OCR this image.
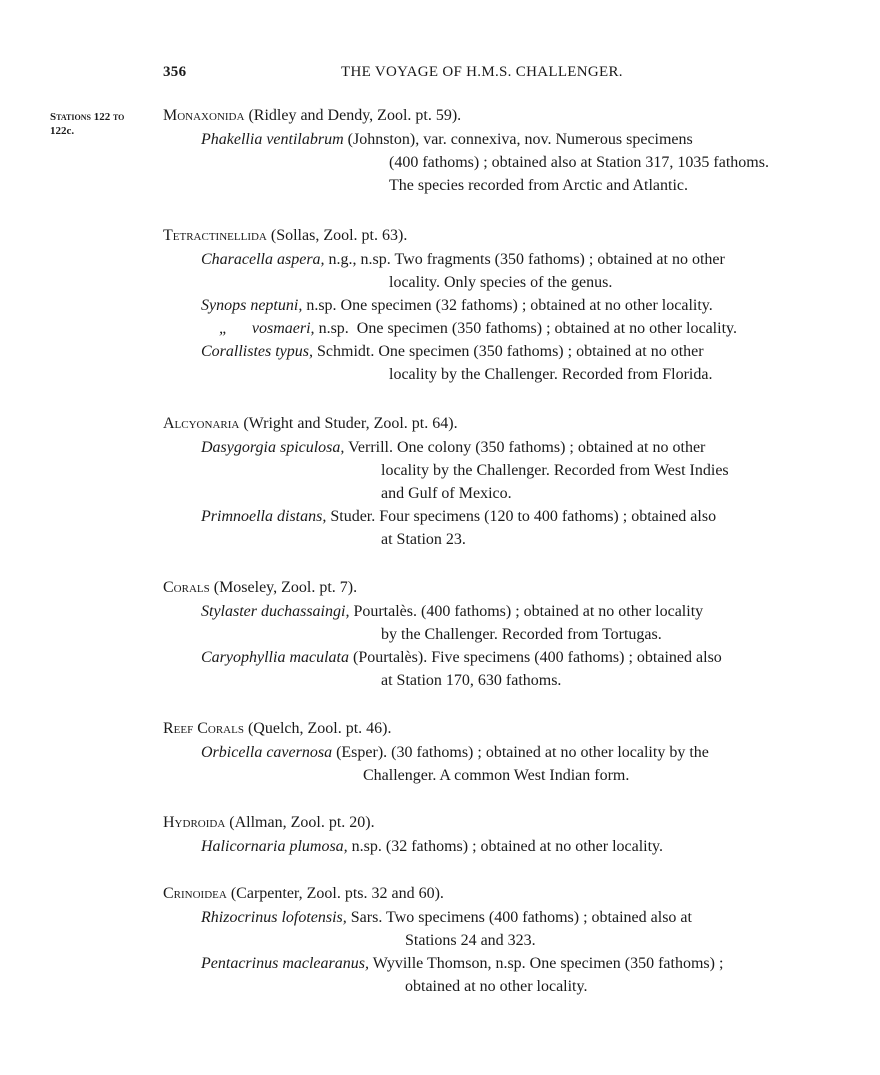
356	THE VOYAGE OF H.M.S. CHALLENGER.
Stations 122 to
122c.
Monaxonida (Ridley and Dendy, Zool. pt. 59).
Phakellia ventilabrum (Johnston), var. connexiva, nov. Numerous specimens
(400 fathoms) ; obtained also at Station 317, 1035 fathoms.
The species recorded from Arctic and Atlantic.
Tetractinellida (Sollas, Zool. pt. 63).
Characella aspera, n.g., n.sp. Two fragments (350 fathoms) ; obtained at no other
locality. Only species of the genus.
Synops neptuni, n.sp. One specimen (32 fathoms) ; obtained at no other locality.
„      vosmaeri, n.sp.  One specimen (350 fathoms) ; obtained at no other locality.
Corallistes typus, Schmidt. One specimen (350 fathoms) ; obtained at no other
locality by the Challenger. Recorded from Florida.
Alcyonaria (Wright and Studer, Zool. pt. 64).
Dasygorgia spiculosa, Verrill. One colony (350 fathoms) ; obtained at no other
locality by the Challenger. Recorded from West Indies
and Gulf of Mexico.
Primnoella distans, Studer. Four specimens (120 to 400 fathoms) ; obtained also
at Station 23.
Corals (Moseley, Zool. pt. 7).
Stylaster duchassaingi, Pourtalès. (400 fathoms) ; obtained at no other locality
by the Challenger. Recorded from Tortugas.
Caryophyllia maculata (Pourtalès). Five specimens (400 fathoms) ; obtained also
at Station 170, 630 fathoms.
Reef Corals (Quelch, Zool. pt. 46).
Orbicella cavernosa (Esper). (30 fathoms) ; obtained at no other locality by the
Challenger. A common West Indian form.
Hydroida (Allman, Zool. pt. 20).
Halicornaria plumosa, n.sp. (32 fathoms) ; obtained at no other locality.
Crinoidea (Carpenter, Zool. pts. 32 and 60).
Rhizocrinus lofotensis, Sars. Two specimens (400 fathoms) ; obtained also at
Stations 24 and 323.
Pentacrinus maclearanus, Wyville Thomson, n.sp. One specimen (350 fathoms) ;
obtained at no other locality.
